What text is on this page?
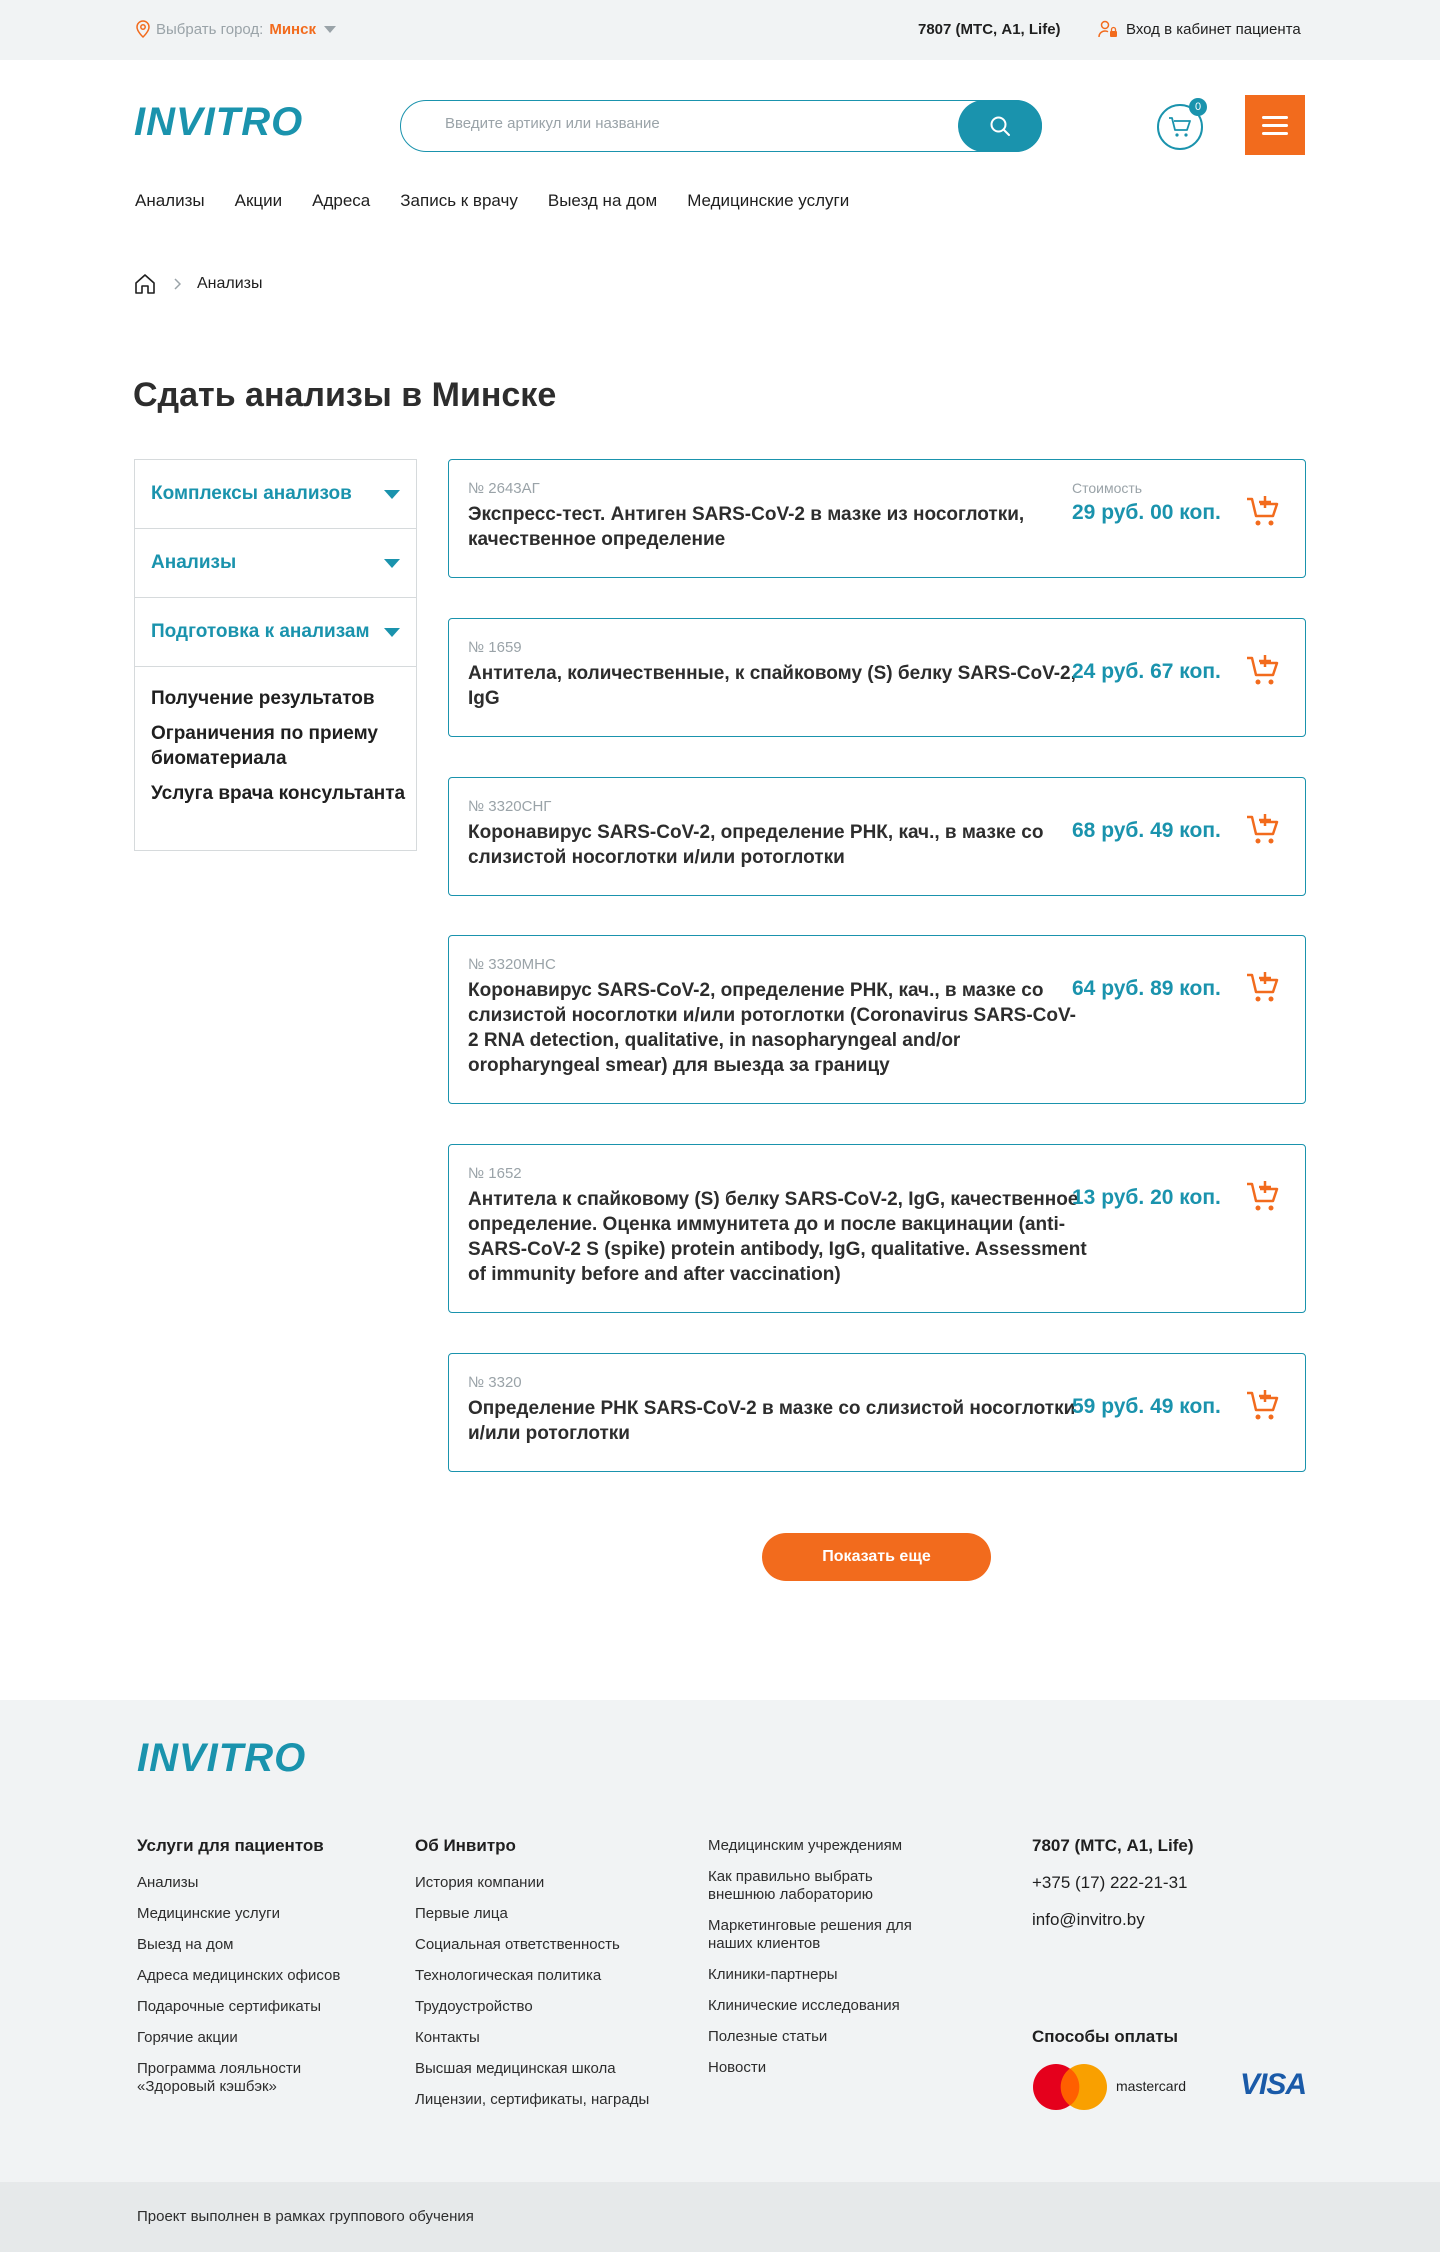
Выбрать город: Минск	7807 (МТС, А1, Life)	Вход в кабинет пациента
INVITRO
Введите артикул или название	0
Анализы Акции Адреса Запись к врачу Выезд на дом Медицинские услуги
Анализы
Сдать анализы в Минске
Комплексы анализов
Анализы
Подготовка к анализам
Получение результатов
Ограничения по приему биоматериала
Услуга врача консультанта
№ 2643АГ
Экспресс-тест. Антиген SARS-CoV-2 в мазке из носоглотки, качественное определение
Стоимость
29 руб. 00 коп.
№ 1659
Антитела, количественные, к спайковому (S) белку SARS-CoV-2, IgG
24 руб. 67 коп.
№ 3320СНГ
Коронавирус SARS-CoV-2, определение РНК, кач., в мазке со слизистой носоглотки и/или ротоглотки
68 руб. 49 коп.
№ 3320МНС
Коронавирус SARS-CoV-2, определение РНК, кач., в мазке со слизистой носоглотки и/или ротоглотки (Coronavirus SARS-CoV-2 RNA detection, qualitative, in nasopharyngeal and/or oropharyngeal smear) для выезда за границу
64 руб. 89 коп.
№ 1652
Антитела к спайковому (S) белку SARS-CoV-2, IgG, качественное определение. Оценка иммунитета до и после вакцинации (anti-SARS-CoV-2 S (spike) protein antibody, IgG, qualitative. Assessment of immunity before and after vaccination)
13 руб. 20 коп.
№ 3320
Определение РНК SARS-CoV-2 в мазке со слизистой носоглотки и/или ротоглотки
59 руб. 49 коп.
Показать еще
INVITRO
Услуги для пациентов
Анализы
Медицинские услуги
Выезд на дом
Адреса медицинских офисов
Подарочные сертификаты
Горячие акции
Программа лояльности «Здоровый кэшбэк»
Об Инвитро
История компании
Первые лица
Социальная ответственность
Технологическая политика
Трудоустройство
Контакты
Высшая медицинская школа
Лицензии, сертификаты, награды
Медицинским учреждениям
Как правильно выбрать внешнюю лабораторию
Маркетинговые решения для наших клиентов
Клиники-партнеры
Клинические исследования
Полезные статьи
Новости
7807 (МТС, А1, Life)
+375 (17) 222-21-31
info@invitro.by
Способы оплаты
mastercard VISA
Проект выполнен в рамках группового обучения
